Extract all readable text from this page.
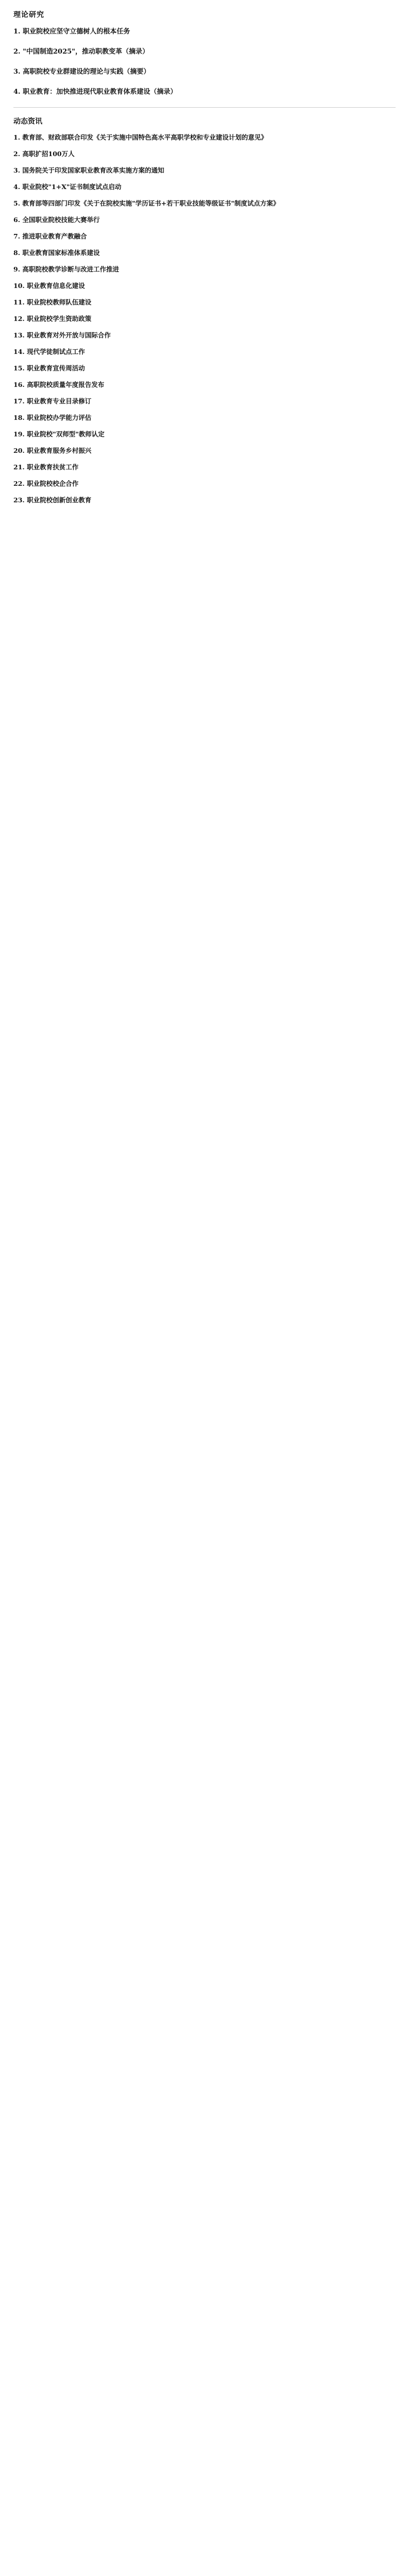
理论研究
1. 职业院校应坚守立德树人的根本任务
2. "中国制造2025"，推动职教变革（摘录）
3. 高职院校专业群建设的理论与实践（摘要）
4. 职业教育：加快推进现代职业教育体系建设（摘录）
动态资讯
1. 教育部、财政部联合印发《关于实施中国特色高水平高职学校和专业建设计划的意见》
2. 高职扩招100万人
3. 国务院关于印发国家职业教育改革实施方案的通知
4. 职业院校"1+X"证书制度试点启动
5. 教育部等四部门印发《关于在院校实施"学历证书+若干职业技能等级证书"制度试点方案》
6. 全国职业院校技能大赛举行
7. 推进职业教育产教融合
8. 职业教育国家标准体系建设
9. 高职院校教学诊断与改进工作推进
10. 职业教育信息化建设
11. 职业院校教师队伍建设
12. 职业院校学生资助政策
13. 职业教育对外开放与国际合作
14. 现代学徒制试点工作
15. 职业教育宣传周活动
16. 高职院校质量年度报告发布
17. 职业教育专业目录修订
18. 职业院校办学能力评估
19. 职业院校"双师型"教师认定
20. 职业教育服务乡村振兴
21. 职业教育扶贫工作
22. 职业院校校企合作
23. 职业院校创新创业教育
